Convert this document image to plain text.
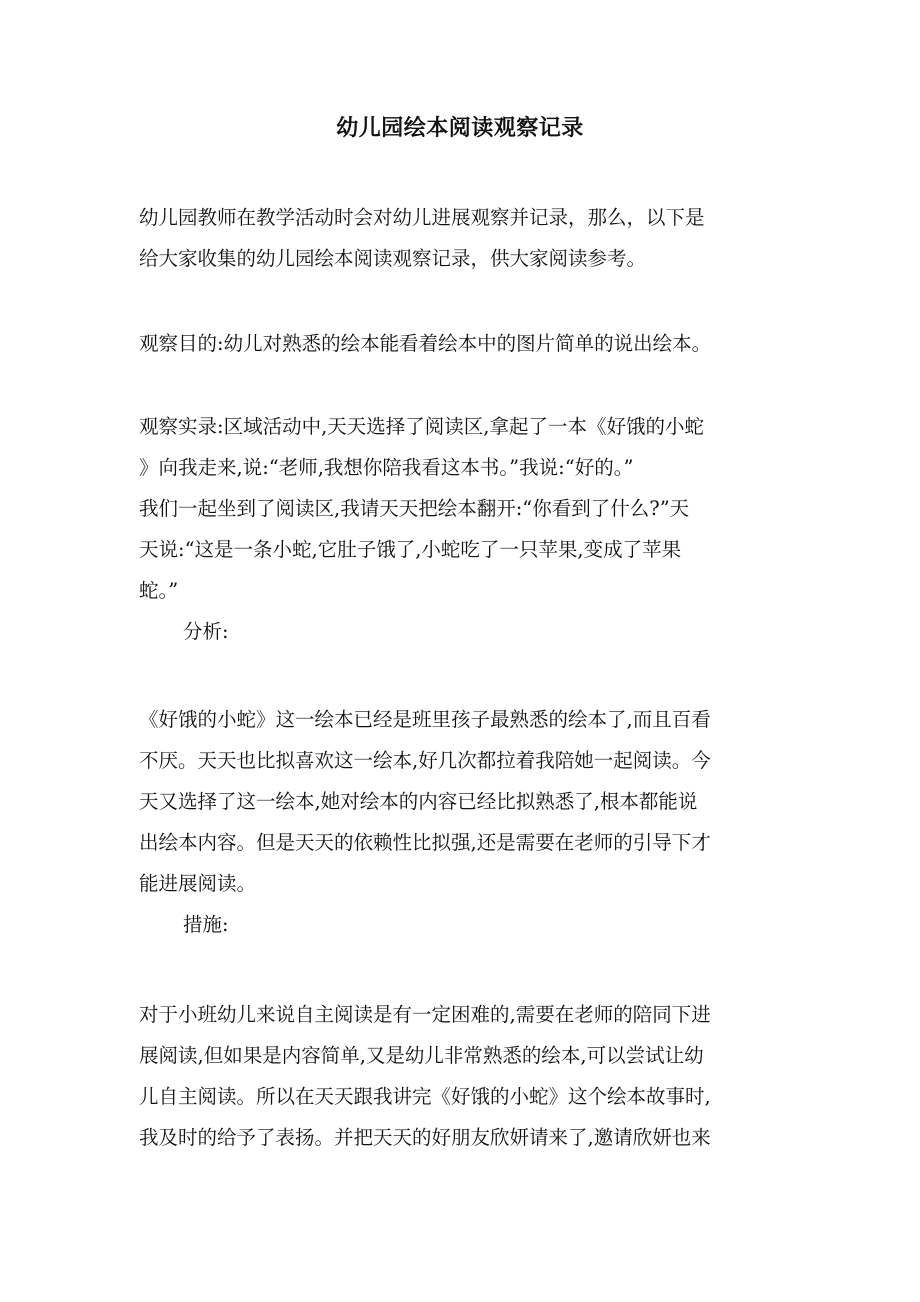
幼儿园绘本阅读观察记录
幼儿园教师在教学活动时会对幼儿进展观察并记录，那么，以下是
给大家收集的幼儿园绘本阅读观察记录，供大家阅读参考。
观察目的:幼儿对熟悉的绘本能看着绘本中的图片简单的说出绘本。
观察实录:区域活动中,天天选择了阅读区,拿起了一本《好饿的小蛇
》向我走来,说:“老师,我想你陪我看这本书。”我说:“好的。”
我们一起坐到了阅读区,我请天天把绘本翻开:“你看到了什么?”天
天说:“这是一条小蛇,它肚子饿了,小蛇吃了一只苹果,变成了苹果
蛇。”
分析:
《好饿的小蛇》这一绘本已经是班里孩子最熟悉的绘本了,而且百看
不厌。天天也比拟喜欢这一绘本,好几次都拉着我陪她一起阅读。今
天又选择了这一绘本,她对绘本的内容已经比拟熟悉了,根本都能说
出绘本内容。但是天天的依赖性比拟强,还是需要在老师的引导下才
能进展阅读。
措施:
对于小班幼儿来说自主阅读是有一定困难的,需要在老师的陪同下进
展阅读,但如果是内容简单,又是幼儿非常熟悉的绘本,可以尝试让幼
儿自主阅读。所以在天天跟我讲完《好饿的小蛇》这个绘本故事时,
我及时的给予了表扬。并把天天的好朋友欣妍请来了,邀请欣妍也来
